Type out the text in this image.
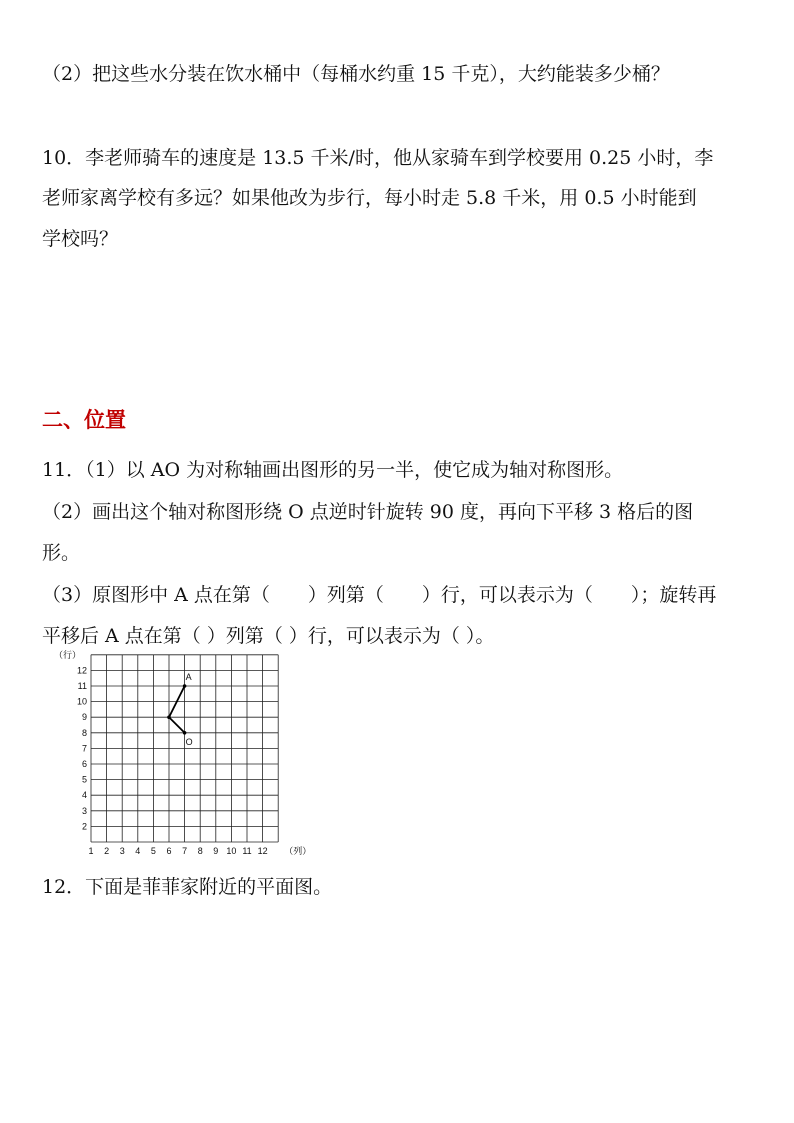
（2）把这些水分装在饮水桶中（每桶水约重 15 千克），大约能装多少桶？
10．李老师骑车的速度是 13.5 千米/时，他从家骑车到学校要用 0.25 小时，李
老师家离学校有多远？如果他改为步行，每小时走 5.8 千米，用 0.5 小时能到
学校吗？
二、位置
11．（1）以 AO 为对称轴画出图形的另一半，使它成为轴对称图形。
（2）画出这个轴对称图形绕 O 点逆时针旋转 90 度，再向下平移 3 格后的图
形。
（3）原图形中 A 点在第（　　）列第（　　）行，可以表示为（　　）；旋转再
平移后 A 点在第（ ）列第（ ）行，可以表示为（ ）。
2
3
4
5
6
7
8
9
10
11
12
1 2 3 4 5 6 7 8 9 10 11 12
（行）
（列）
A
O
12．下面是菲菲家附近的平面图。
